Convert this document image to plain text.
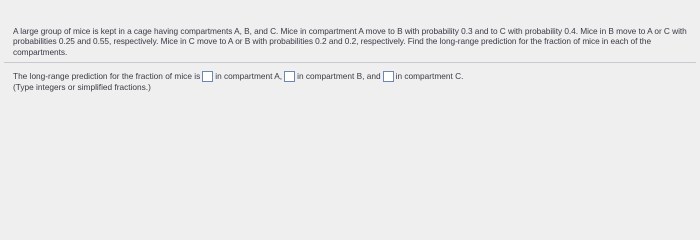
A large group of mice is kept in a cage having compartments A, B, and C. Mice in compartment A move to B with probability 0.3 and to C with probability 0.4. Mice in B move to A or C with probabilities 0.25 and 0.55, respectively. Mice in C move to A or B with probabilities 0.2 and 0.2, respectively. Find the long-range prediction for the fraction of mice in each of the compartments.
The long-range prediction for the fraction of mice is in compartment A, in compartment B, and in compartment C.
(Type integers or simplified fractions.)
